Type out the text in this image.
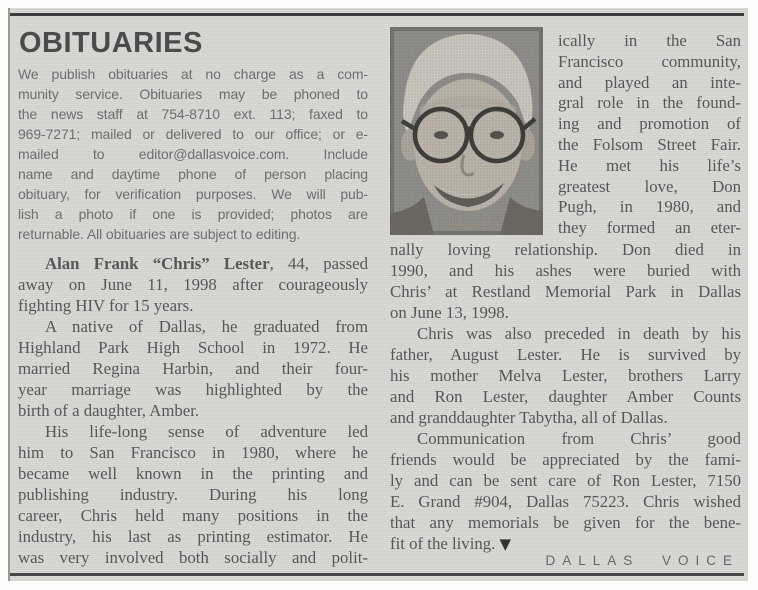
OBITUARIES
We publish obituaries at no charge as a com-
munity service. Obituaries may be phoned to
the news staff at 754-8710 ext. 113; faxed to
969-7271; mailed or delivered to our office; or e-
mailed to editor@dallasvoice.com. Include
name and daytime phone of person placing
obituary, for verification purposes. We will pub-
lish a photo if one is provided; photos are
returnable. All obituaries are subject to editing.
Alan Frank “Chris” Lester, 44, passed
away on June 11, 1998 after courageously
fighting HIV for 15 years.
A native of Dallas, he graduated from
Highland Park High School in 1972. He
married Regina Harbin, and their four-
year marriage was highlighted by the
birth of a daughter, Amber.
His life-long sense of adventure led
him to San Francisco in 1980, where he
became well known in the printing and
publishing industry. During his long
career, Chris held many positions in the
industry, his last as printing estimator. He
was very involved both socially and polit-
ically in the San
Francisco community,
and played an inte-
gral role in the found-
ing and promotion of
the Folsom Street Fair.
He met his life’s
greatest love, Don
Pugh, in 1980, and
they formed an eter-
nally loving relationship. Don died in
1990, and his ashes were buried with
Chris’ at Restland Memorial Park in Dallas
on June 13, 1998.
Chris was also preceded in death by his
father, August Lester. He is survived by
his mother Melva Lester, brothers Larry
and Ron Lester, daughter Amber Counts
and granddaughter Tabytha, all of Dallas.
Communication from Chris’ good
friends would be appreciated by the fami-
ly and can be sent care of Ron Lester, 7150
E. Grand #904, Dallas 75223. Chris wished
that any memorials be given for the bene-
fit of the living. ▼
DALLAS VOICE
